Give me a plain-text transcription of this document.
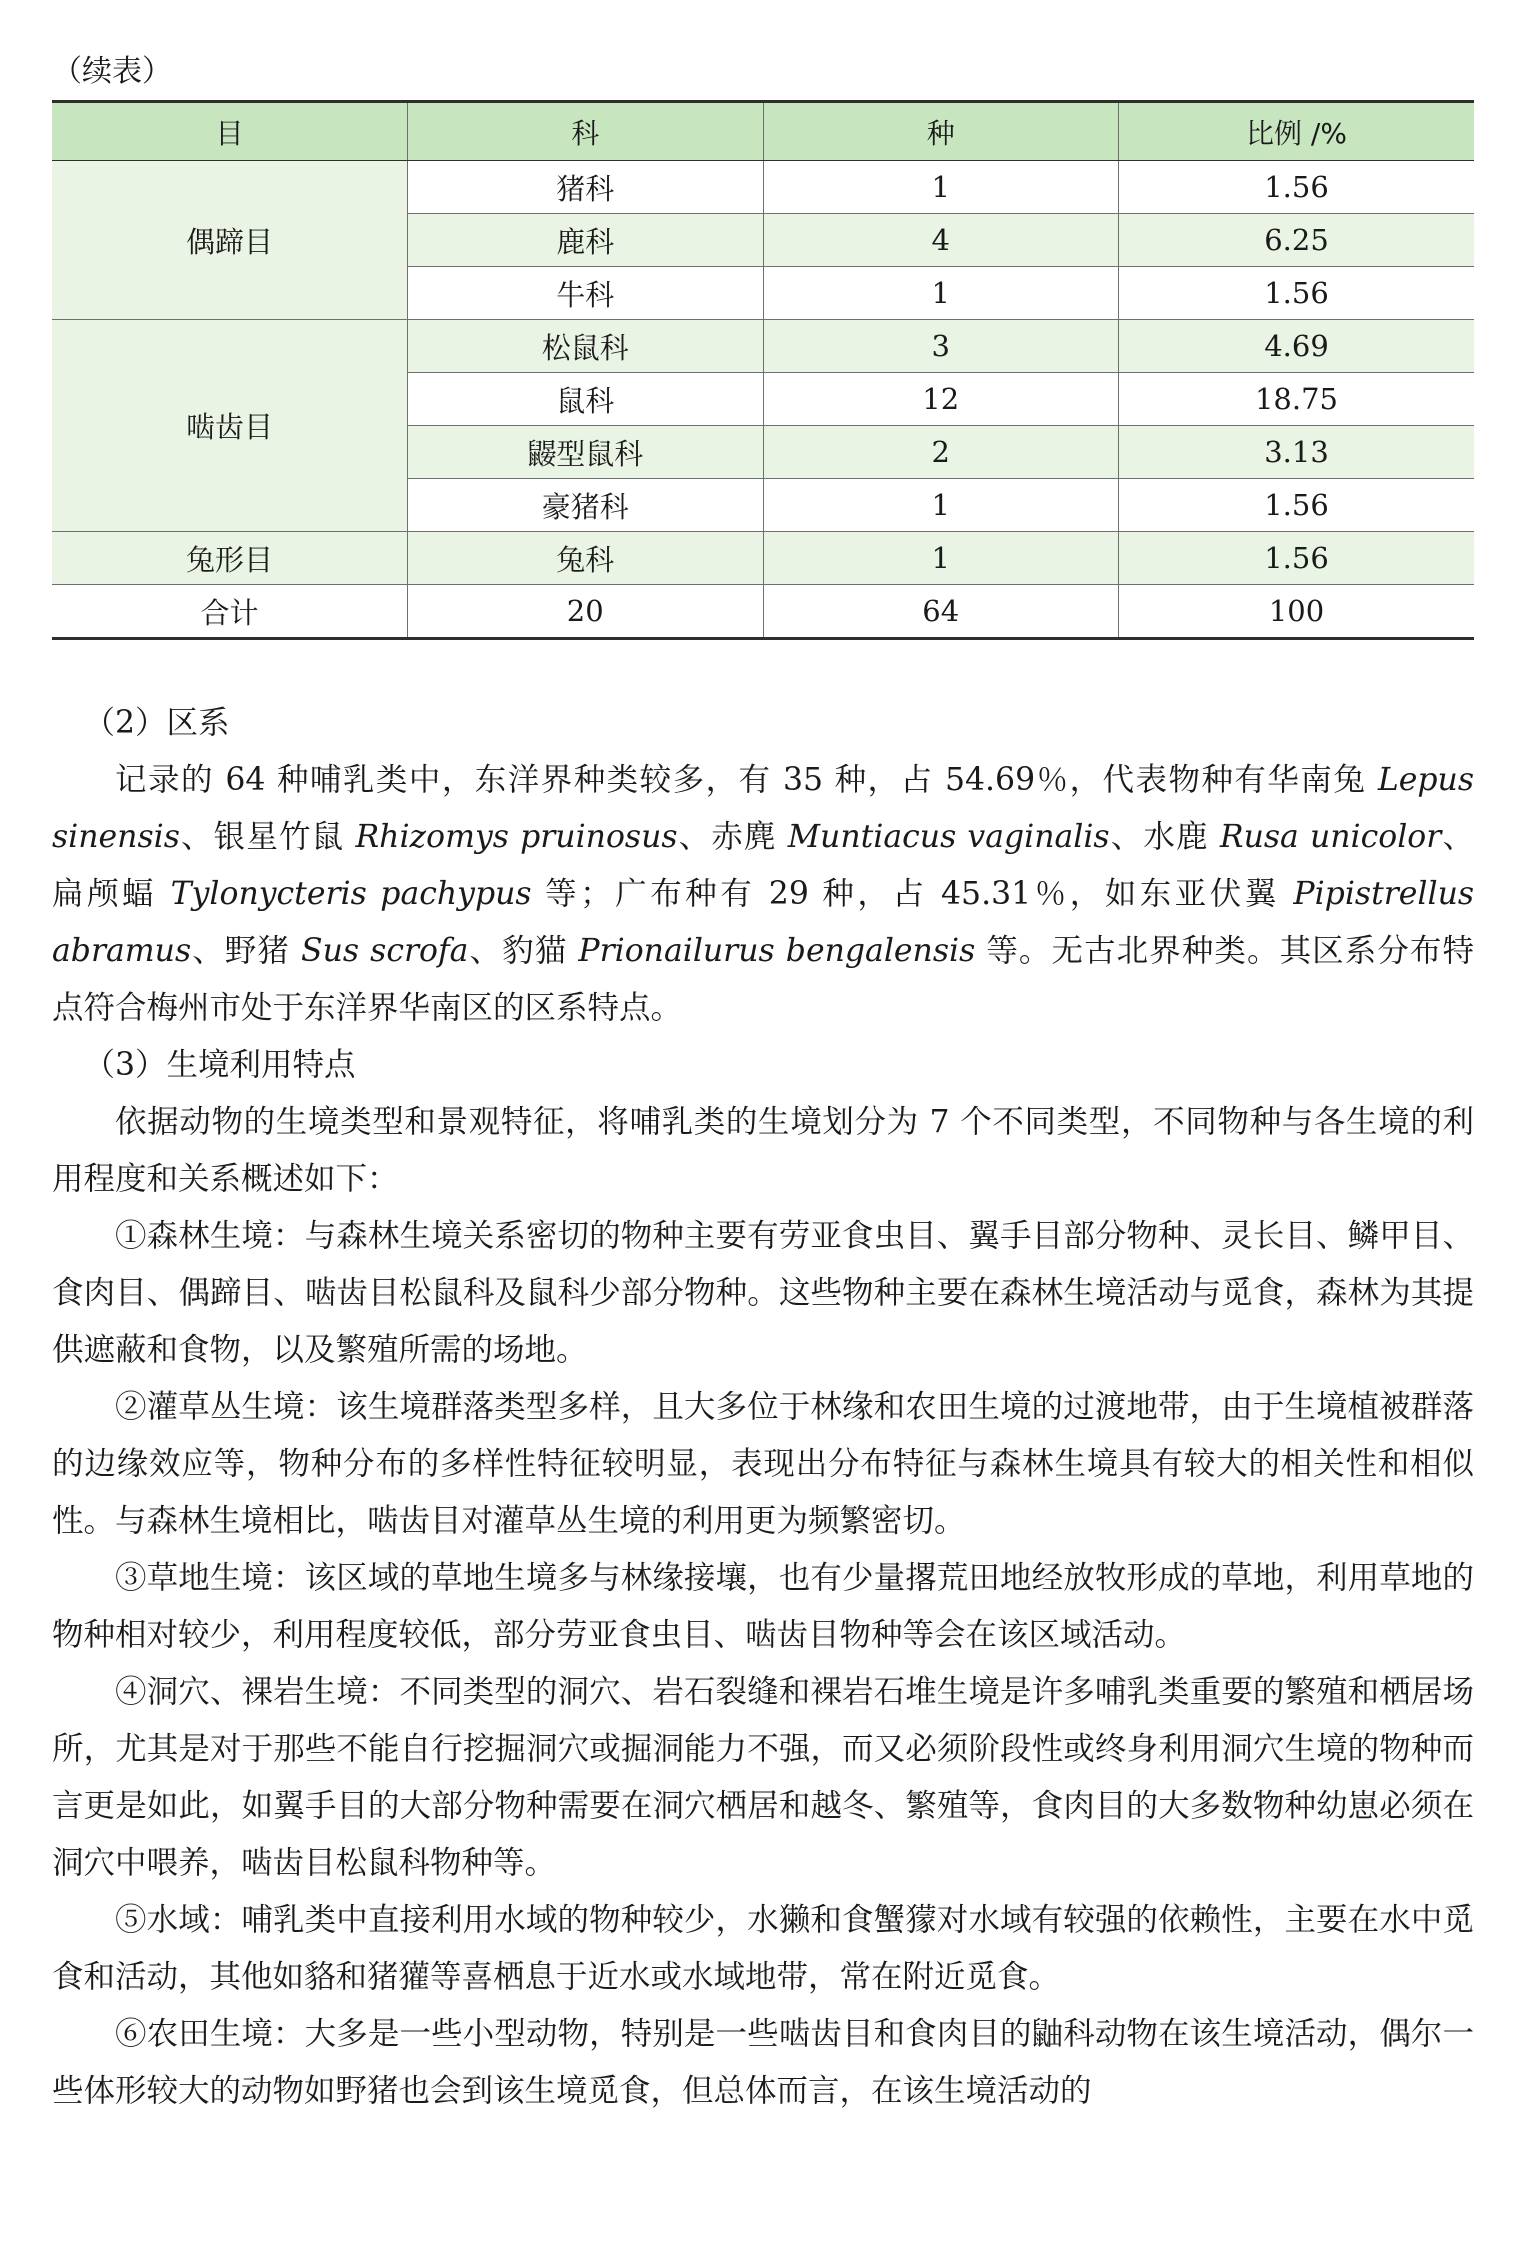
（续表）
目	科	种	比例 /%
偶蹄目	猪科	1	1.56
	鹿科	4	6.25
	牛科	1	1.56
啮齿目	松鼠科	3	4.69
	鼠科	12	18.75
	鼹型鼠科	2	3.13
	豪猪科	1	1.56
兔形目	兔科	1	1.56
合计	20	64	100

（2）区系

记录的 64 种哺乳类中，东洋界种类较多，有 35 种，占 54.69％，代表物种有华南兔 Lepus sinensis、银星竹鼠 Rhizomys pruinosus、赤麂 Muntiacus vaginalis、水鹿 Rusa unicolor、扁颅蝠 Tylonycteris pachypus 等；广布种有 29 种，占 45.31％，如东亚伏翼 Pipistrellus abramus、野猪 Sus scrofa、豹猫 Prionailurus bengalensis 等。无古北界种类。其区系分布特点符合梅州市处于东洋界华南区的区系特点。

（3）生境利用特点

依据动物的生境类型和景观特征，将哺乳类的生境划分为 7 个不同类型，不同物种与各生境的利用程度和关系概述如下：

①森林生境：与森林生境关系密切的物种主要有劳亚食虫目、翼手目部分物种、灵长目、鳞甲目、食肉目、偶蹄目、啮齿目松鼠科及鼠科少部分物种。这些物种主要在森林生境活动与觅食，森林为其提供遮蔽和食物，以及繁殖所需的场地。

②灌草丛生境：该生境群落类型多样，且大多位于林缘和农田生境的过渡地带，由于生境植被群落的边缘效应等，物种分布的多样性特征较明显，表现出分布特征与森林生境具有较大的相关性和相似性。与森林生境相比，啮齿目对灌草丛生境的利用更为频繁密切。

③草地生境：该区域的草地生境多与林缘接壤，也有少量撂荒田地经放牧形成的草地，利用草地的物种相对较少，利用程度较低，部分劳亚食虫目、啮齿目物种等会在该区域活动。

④洞穴、裸岩生境：不同类型的洞穴、岩石裂缝和裸岩石堆生境是许多哺乳类重要的繁殖和栖居场所，尤其是对于那些不能自行挖掘洞穴或掘洞能力不强，而又必须阶段性或终身利用洞穴生境的物种而言更是如此，如翼手目的大部分物种需要在洞穴栖居和越冬、繁殖等，食肉目的大多数物种幼崽必须在洞穴中喂养，啮齿目松鼠科物种等。

⑤水域：哺乳类中直接利用水域的物种较少，水獭和食蟹獴对水域有较强的依赖性，主要在水中觅食和活动，其他如貉和猪獾等喜栖息于近水或水域地带，常在附近觅食。

⑥农田生境：大多是一些小型动物，特别是一些啮齿目和食肉目的鼬科动物在该生境活动，偶尔一些体形较大的动物如野猪也会到该生境觅食，但总体而言，在该生境活动的
